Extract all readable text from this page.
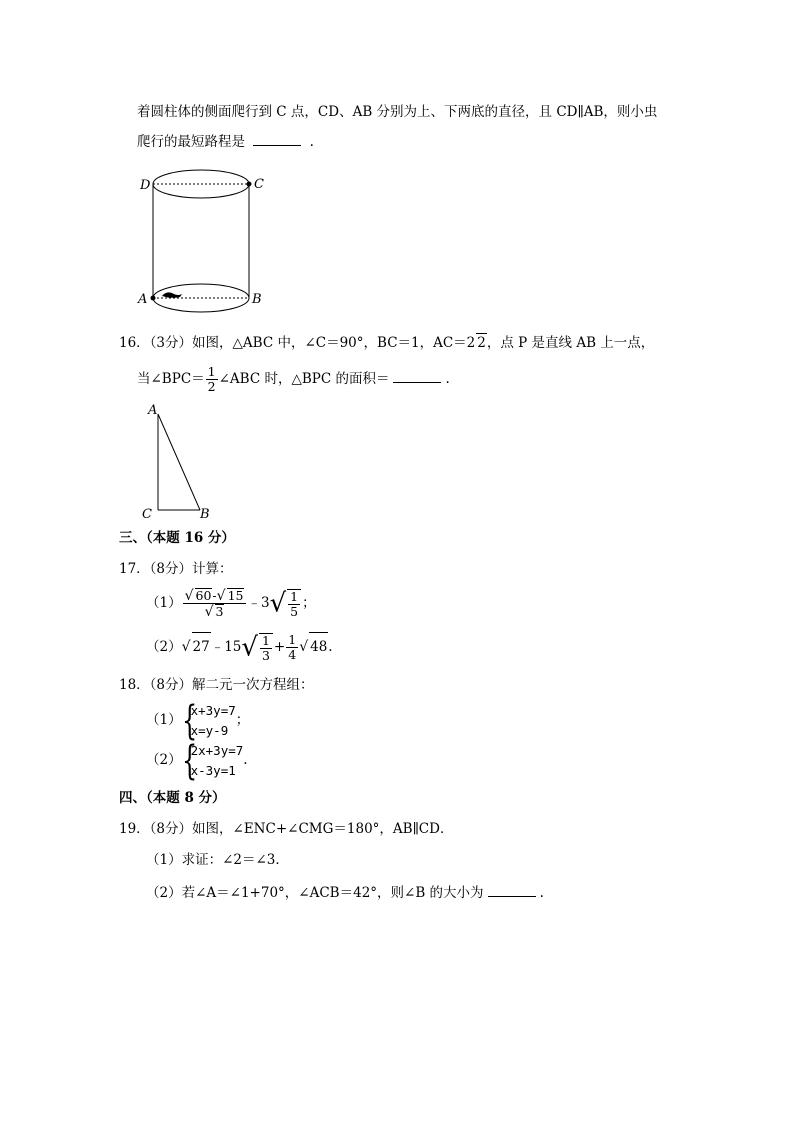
着圆柱体的侧面爬行到 C 点，CD、AB 分别为上、下两底的直径，且 CD∥AB，则小虫
爬行的最短路程是	.
D	C
A	B
16．（3分）如图，△ABC 中，∠C＝90°，BC＝1，AC＝2 2，点 P 是直线 AB 上一点，
当∠BPC＝ $\frac{1}{2}$ ∠ABC 时，△BPC 的面积＝	.
A
C	B
三、（本题 16 分）
17．（8分）计算：
$(1) \frac{√ 60-√ 15}{√ 3}$ ﹣3√ $\frac{1}{5}$ ；
（2）√ 27﹣15√ $\frac{1}{3} + \frac{1}{4}$ √ 48.
18．（8分）解二元一次方程组：
（1） {
x+3y=7
x=y-9
；
（2） {
2x+3y=7
x-3y=1
.
四、（本题 8 分）
19．（8分）如图，∠ENC+∠CMG＝180°，AB∥CD．
（1）求证：∠2＝∠3．
（2）若∠A＝∠1+70°，∠ACB＝42°，则∠B 的大小为	.
